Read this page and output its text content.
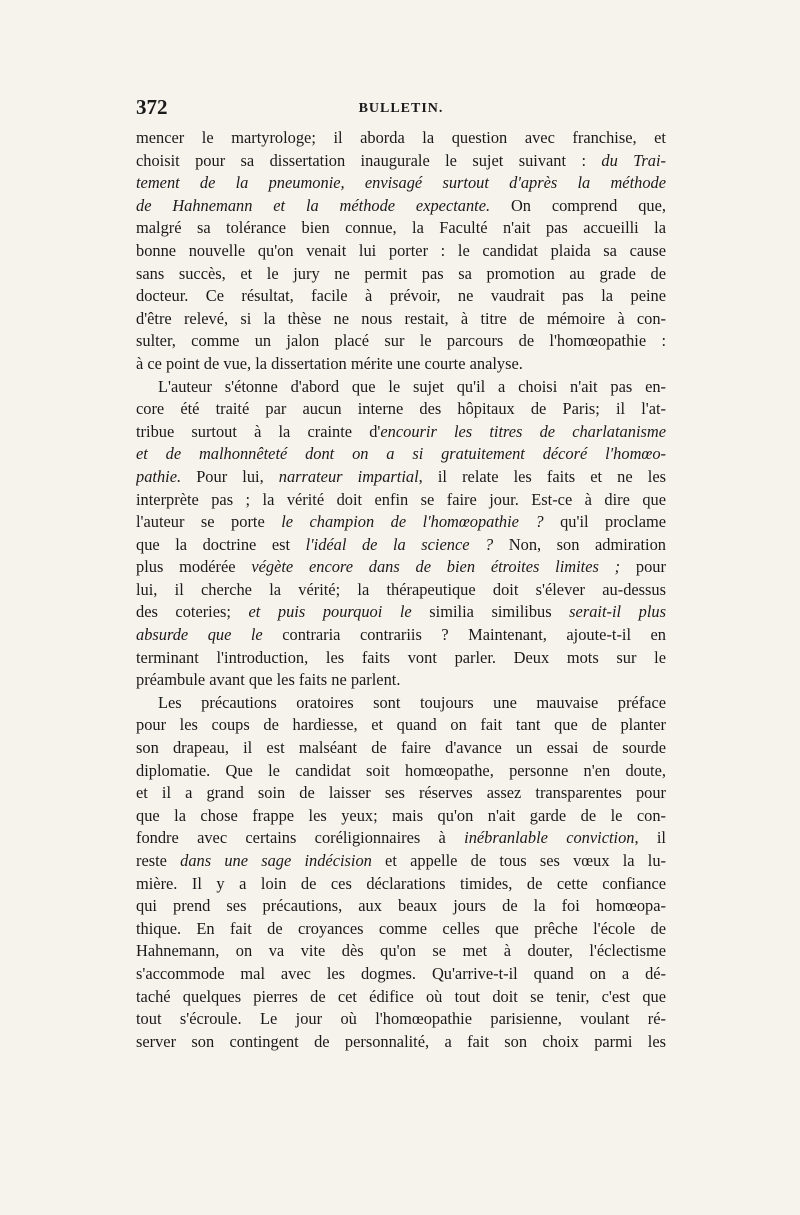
372	BULLETIN.
mencer le martyrologe; il aborda la question avec franchise, et
choisit pour sa dissertation inaugurale le sujet suivant : du Trai-
tement de la pneumonie, envisagé surtout d'après la méthode
de Hahnemann et la méthode expectante. On comprend que,
malgré sa tolérance bien connue, la Faculté n'ait pas accueilli la
bonne nouvelle qu'on venait lui porter : le candidat plaida sa cause
sans succès, et le jury ne permit pas sa promotion au grade de
docteur. Ce résultat, facile à prévoir, ne vaudrait pas la peine
d'être relevé, si la thèse ne nous restait, à titre de mémoire à con-
sulter, comme un jalon placé sur le parcours de l'homœopathie :
à ce point de vue, la dissertation mérite une courte analyse.
L'auteur s'étonne d'abord que le sujet qu'il a choisi n'ait pas en-
core été traité par aucun interne des hôpitaux de Paris; il l'at-
tribue surtout à la crainte d'encourir les titres de charlatanisme
et de malhonnêteté dont on a si gratuitement décoré l'homœo-
pathie. Pour lui, narrateur impartial, il relate les faits et ne les
interprète pas ; la vérité doit enfin se faire jour. Est-ce à dire que
l'auteur se porte le champion de l'homœopathie ? qu'il proclame
que la doctrine est l'idéal de la science ? Non, son admiration
plus modérée végète encore dans de bien étroites limites ; pour
lui, il cherche la vérité; la thérapeutique doit s'élever au-dessus
des coteries; et puis pourquoi le similia similibus serait-il plus
absurde que le contraria contrariis ? Maintenant, ajoute-t-il en
terminant l'introduction, les faits vont parler. Deux mots sur le
préambule avant que les faits ne parlent.
Les précautions oratoires sont toujours une mauvaise préface
pour les coups de hardiesse, et quand on fait tant que de planter
son drapeau, il est malséant de faire d'avance un essai de sourde
diplomatie. Que le candidat soit homœopathe, personne n'en doute,
et il a grand soin de laisser ses réserves assez transparentes pour
que la chose frappe les yeux; mais qu'on n'ait garde de le con-
fondre avec certains coréligionnaires à inébranlable conviction, il
reste dans une sage indécision et appelle de tous ses vœux la lu-
mière. Il y a loin de ces déclarations timides, de cette confiance
qui prend ses précautions, aux beaux jours de la foi homœopa-
thique. En fait de croyances comme celles que prêche l'école de
Hahnemann, on va vite dès qu'on se met à douter, l'éclectisme
s'accommode mal avec les dogmes. Qu'arrive-t-il quand on a dé-
taché quelques pierres de cet édifice où tout doit se tenir, c'est que
tout s'écroule. Le jour où l'homœopathie parisienne, voulant ré-
server son contingent de personnalité, a fait son choix parmi les
